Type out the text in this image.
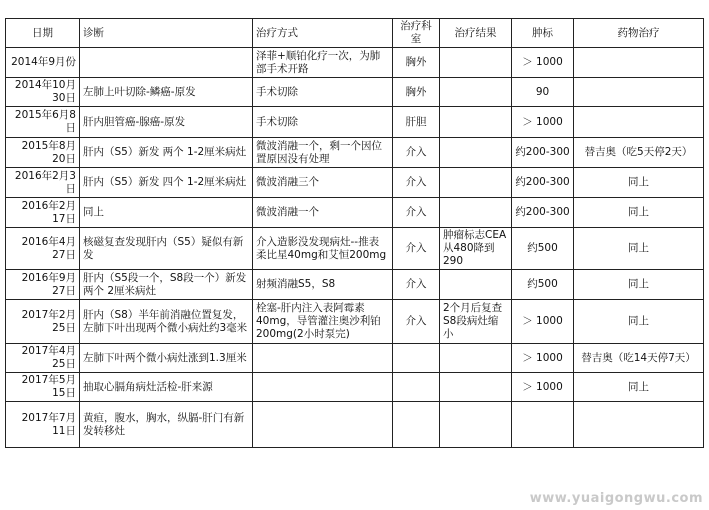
日期	诊断	治疗方式	治疗科室	治疗结果	肿标	药物治疗
2014年9月份		泽菲+顺铂化疗一次，为肺部手术开路	胸外		＞ 1000	
2014年10月30日	左肺上叶切除-鳞癌-原发	手术切除	胸外		90	
2015年6月8日	肝内胆管癌-腺癌-原发	手术切除	肝胆		＞ 1000	
2015年8月20日	肝内（S5）新发 两个 1-2厘米病灶	微波消融一个，剩一个因位置原因没有处理	介入		约200-300	替吉奥（吃5天停2天）
2016年2月3日	肝内（S5）新发 四个 1-2厘米病灶	微波消融三个	介入		约200-300	同上
2016年2月17日	同上	微波消融一个	介入		约200-300	同上
2016年4月27日	核磁复查发现肝内（S5）疑似有新发	介入造影没发现病灶--推表柔比星40mg和艾恒200mg	介入	肿瘤标志CEA从480降到290	约500	同上
2016年9月27日	肝内（S5段一个，S8段一个）新发两个 2厘米病灶	射频消融S5，S8	介入		约500	同上
2017年2月25日	肝内（S8）半年前消融位置复发，左肺下叶出现两个微小病灶约3毫米	栓塞-肝内注入表阿霉素40mg，导管灌注奥沙利铂200mg(2小时泵完)	介入	2个月后复查S8段病灶缩小	＞ 1000	同上
2017年4月25日	左肺下叶两个微小病灶涨到1.3厘米				＞ 1000	替吉奥（吃14天停7天）
2017年5月15日	抽取心膈角病灶活检-肝来源				＞ 1000	同上
2017年7月11日	黄疸，腹水，胸水，纵膈-肝门有新发转移灶					
www.yuaigongwu.com
